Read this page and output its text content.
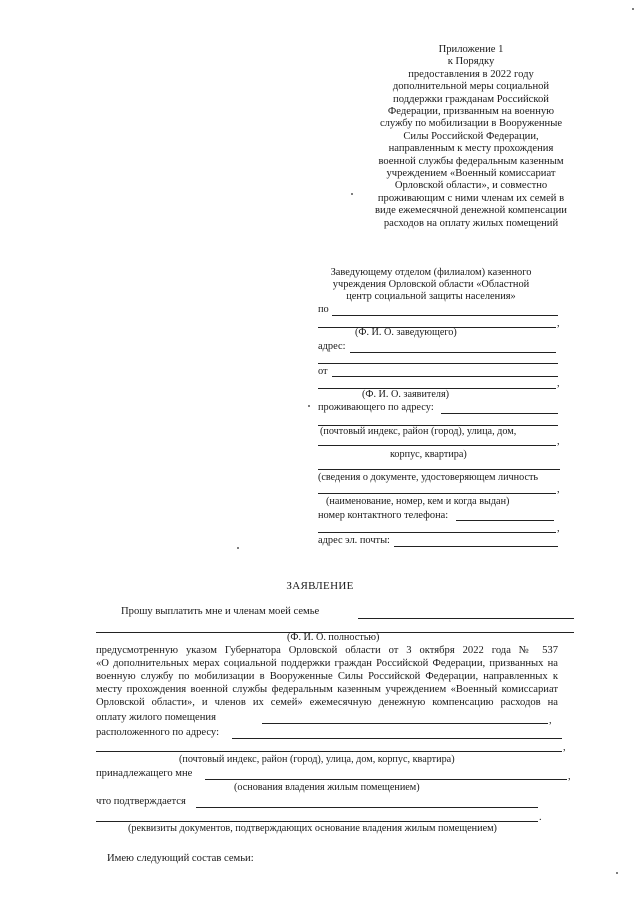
Приложение 1
к Порядку
предоставления в 2022 году
дополнительной меры социальной
поддержки гражданам Российской
Федерации, призванным на военную
службу по мобилизации в Вооруженные
Силы Российской Федерации,
направленным к месту прохождения
военной службы федеральным казенным
учреждением «Военный комиссариат
Орловской области», и совместно
проживающим с ними членам их семей в
виде ежемесячной денежной компенсации
расходов на оплату жилых помещений
Заведующему отделом (филиалом) казенного
учреждения Орловской области «Областной
центр социальной защиты населения»
по
,
(Ф. И. О. заведующего)
адрес:
от
,
(Ф. И. О. заявителя)
проживающего по адресу:
(почтовый индекс, район (город), улица, дом,
,
корпус, квартира)
(сведения о документе, удостоверяющем личность
,
(наименование, номер, кем и когда выдан)
номер контактного телефона:
,
адрес эл. почты:
ЗАЯВЛЕНИЕ
Прошу выплатить мне и членам моей семье
(Ф. И. О. полностью)
предусмотренную указом Губернатора Орловской области от 3 октября 2022 года № 537
«О дополнительных мерах социальной поддержки граждан Российской Федерации, призванных на
военную службу по мобилизации в Вооруженные Силы Российской Федерации, направленных к
месту прохождения военной службы федеральным казенным учреждением «Военный комиссариат
Орловской области», и членов их семей» ежемесячную денежную компенсацию расходов на
оплату жилого помещения	,
расположенного по адресу:
,
(почтовый индекс, район (город), улица, дом, корпус, квартира)
принадлежащего мне	,
(основания владения жилым помещением)
что подтверждается
.
(реквизиты документов, подтверждающих основание владения жилым помещением)
Имею следующий состав семьи:
